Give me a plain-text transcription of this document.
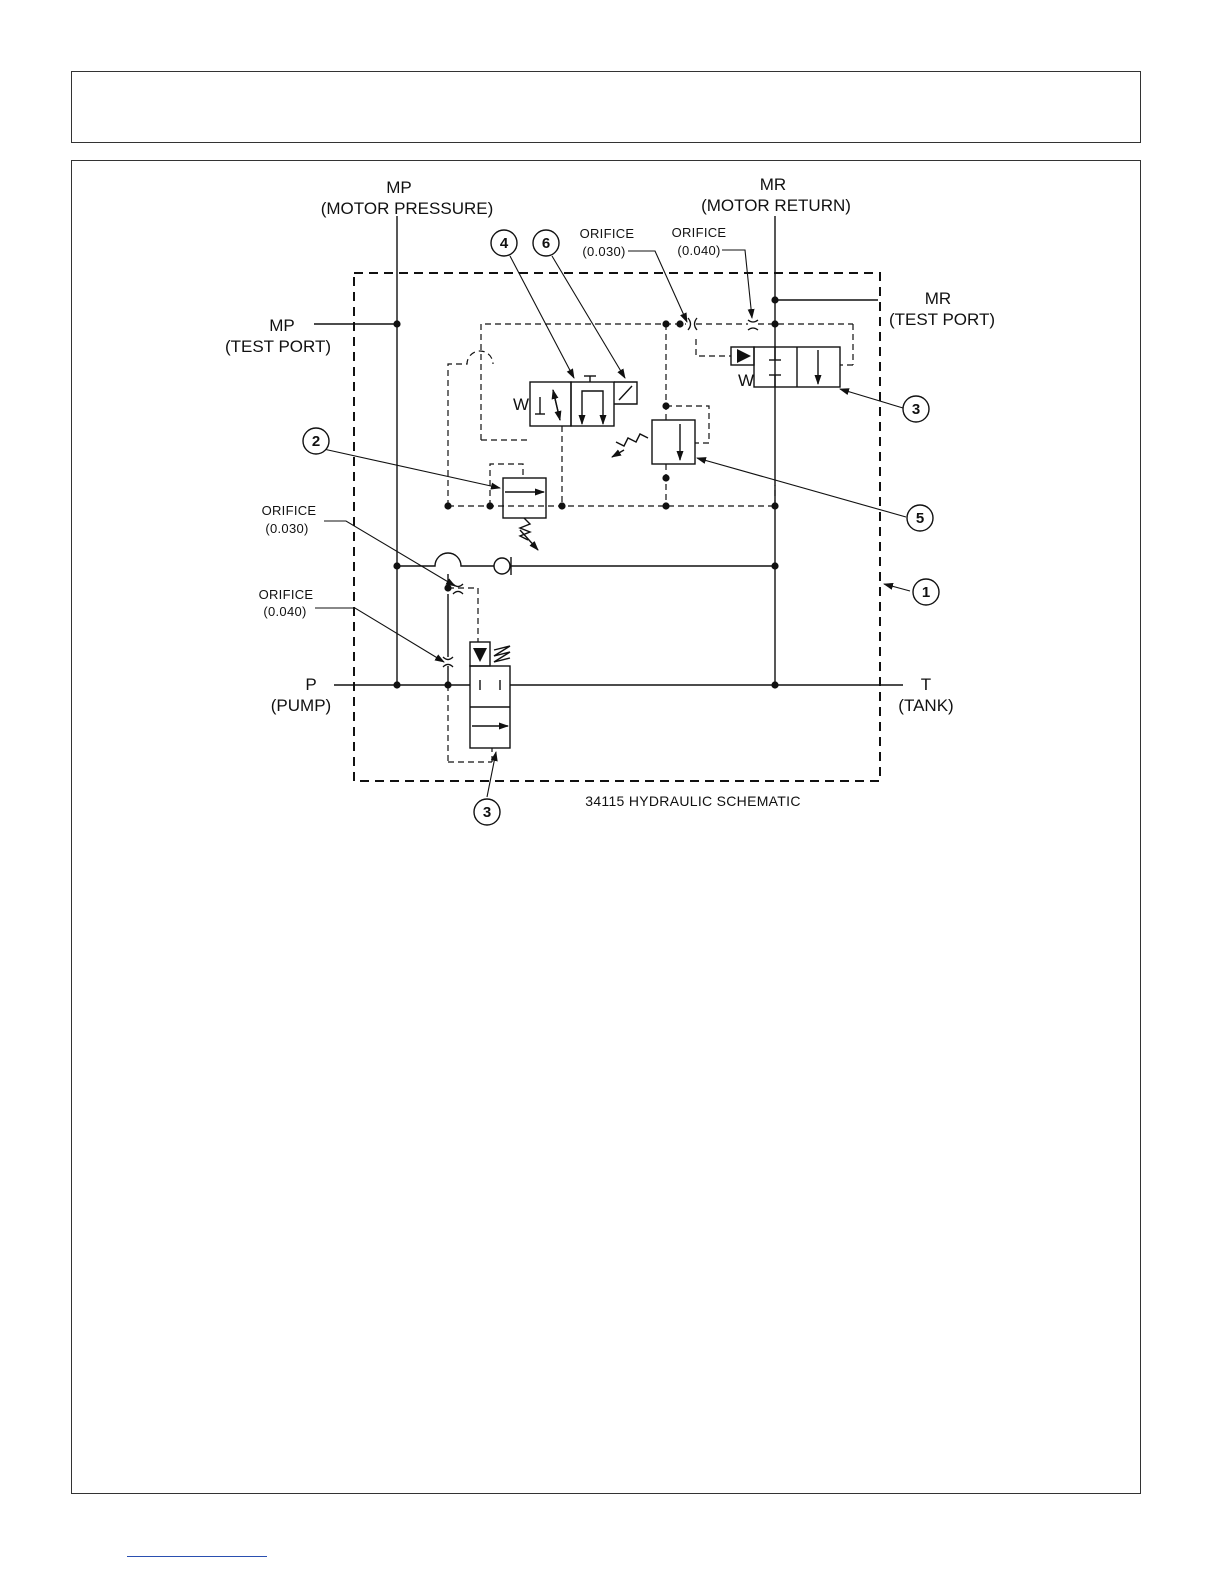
W
W
4 6
2
3
5
1
3
MP
(MOTOR PRESSURE)
MR
(MOTOR RETURN)
MP
(TEST PORT)
MR
(TEST PORT)
P
(PUMP)
T
(TANK)
ORIFICE
(0.030)
ORIFICE
(0.040)
ORIFICE
(0.030)
ORIFICE
(0.040)
34115 HYDRAULIC SCHEMATIC
